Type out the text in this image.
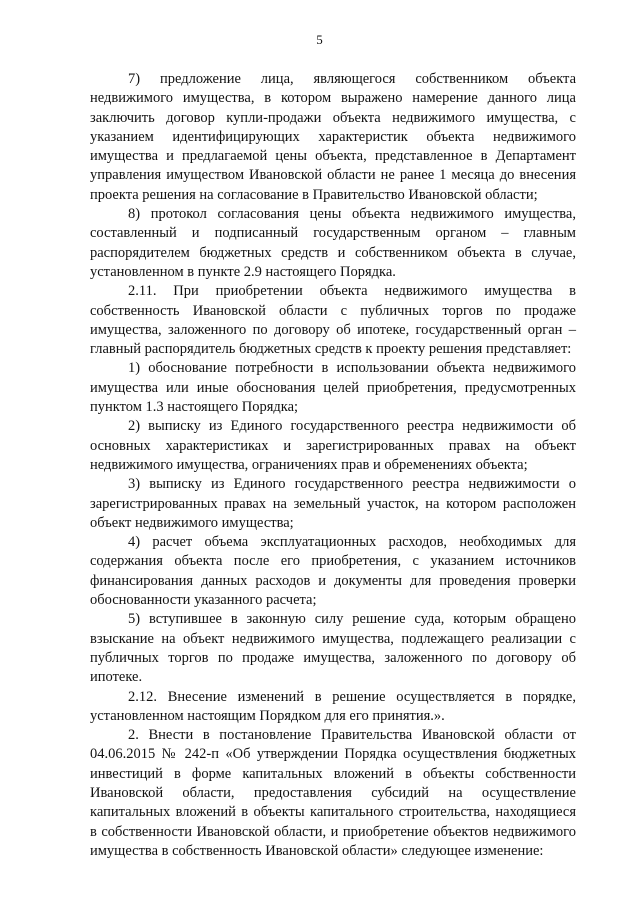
5

7) предложение лица, являющегося собственником объекта недвижимого имущества, в котором выражено намерение данного лица заключить договор купли-продажи объекта недвижимого имущества, с указанием идентифицирующих характеристик объекта недвижимого имущества и предлагаемой цены объекта, представленное в Департамент управления имуществом Ивановской области не ранее 1 месяца до внесения проекта решения на согласование в Правительство Ивановской области;

8) протокол согласования цены объекта недвижимого имущества, составленный и подписанный государственным органом – главным распорядителем бюджетных средств и собственником объекта в случае, установленном в пункте 2.9 настоящего Порядка.

2.11. При приобретении объекта недвижимого имущества в собственность Ивановской области с публичных торгов по продаже имущества, заложенного по договору об ипотеке, государственный орган – главный распорядитель бюджетных средств к проекту решения представляет:

1) обоснование потребности в использовании объекта недвижимого имущества или иные обоснования целей приобретения, предусмотренных пунктом 1.3 настоящего Порядка;

2) выписку из Единого государственного реестра недвижимости об основных характеристиках и зарегистрированных правах на объект недвижимого имущества, ограничениях прав и обременениях объекта;

3) выписку из Единого государственного реестра недвижимости о зарегистрированных правах на земельный участок, на котором расположен объект недвижимого имущества;

4) расчет объема эксплуатационных расходов, необходимых для содержания объекта после его приобретения, с указанием источников финансирования данных расходов и документы для проведения проверки обоснованности указанного расчета;

5) вступившее в законную силу решение суда, которым обращено взыскание на объект недвижимого имущества, подлежащего реализации с публичных торгов по продаже имущества, заложенного по договору об ипотеке.

2.12. Внесение изменений в решение осуществляется в порядке, установленном настоящим Порядком для его принятия.».

2. Внести в постановление Правительства Ивановской области от 04.06.2015 № 242-п «Об утверждении Порядка осуществления бюджетных инвестиций в форме капитальных вложений в объекты собственности Ивановской области, предоставления субсидий на осуществление капитальных вложений в объекты капитального строительства, находящиеся в собственности Ивановской области, и приобретение объектов недвижимого имущества в собственность Ивановской области» следующее изменение:
